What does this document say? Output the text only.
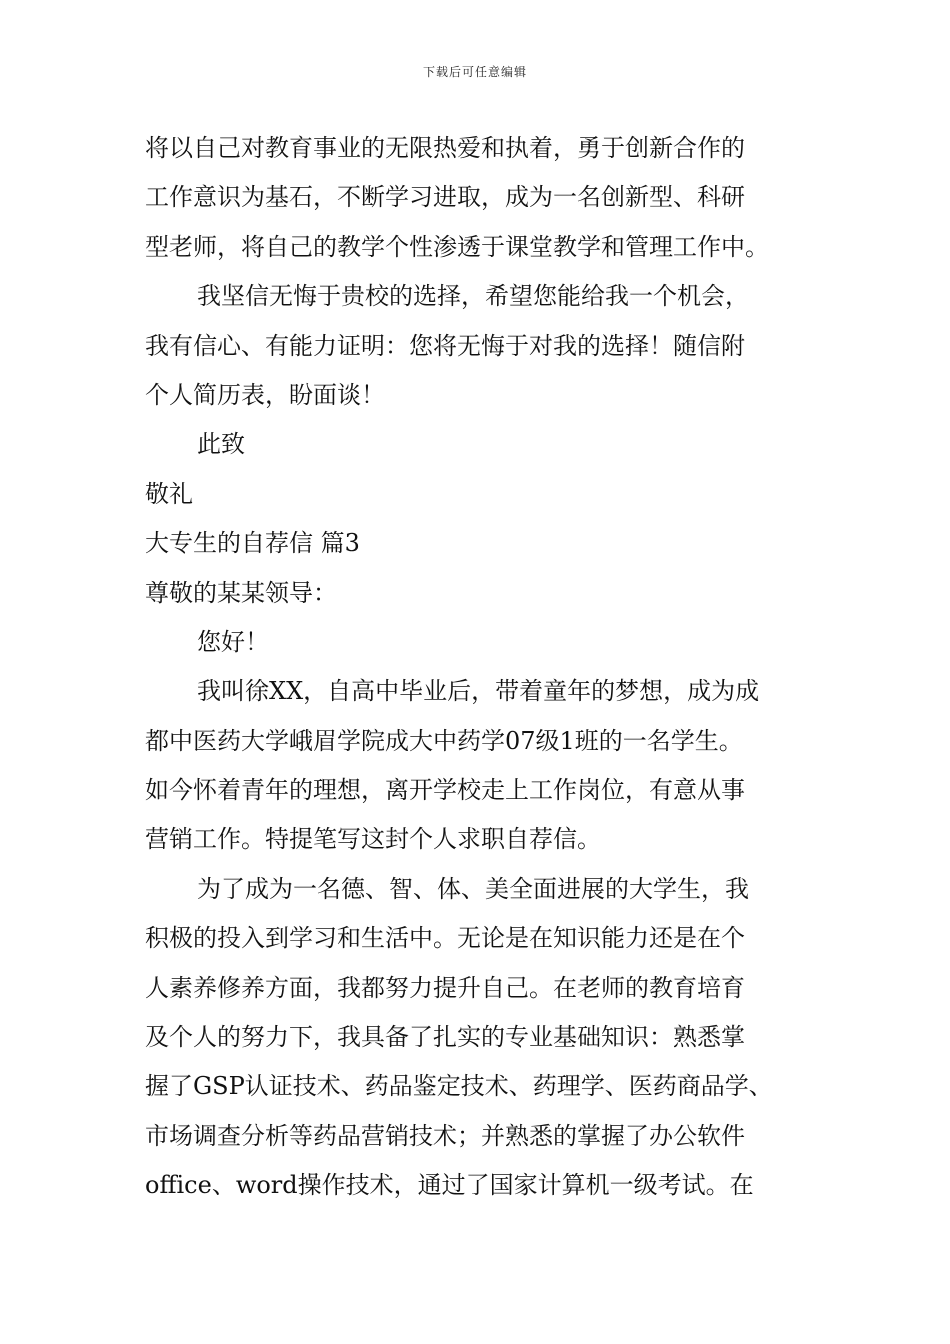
下载后可任意编辑
将以自己对教育事业的无限热爱和执着，勇于创新合作的
工作意识为基石，不断学习进取，成为一名创新型、科研
型老师，将自己的教学个性渗透于课堂教学和管理工作中。
我坚信无悔于贵校的选择，希望您能给我一个机会，
我有信心、有能力证明：您将无悔于对我的选择！随信附
个人简历表，盼面谈！
此致
敬礼
大专生的自荐信 篇3
尊敬的某某领导：
您好！
我叫徐XX，自高中毕业后，带着童年的梦想，成为成
都中医药大学峨眉学院成大中药学07级1班的一名学生。
如今怀着青年的理想，离开学校走上工作岗位，有意从事
营销工作。特提笔写这封个人求职自荐信。
为了成为一名德、智、体、美全面进展的大学生，我
积极的投入到学习和生活中。无论是在知识能力还是在个
人素养修养方面，我都努力提升自己。在老师的教育培育
及个人的努力下，我具备了扎实的专业基础知识：熟悉掌
握了GSP认证技术、药品鉴定技术、药理学、医药商品学、
市场调查分析等药品营销技术；并熟悉的掌握了办公软件
office、word操作技术，通过了国家计算机一级考试。在
